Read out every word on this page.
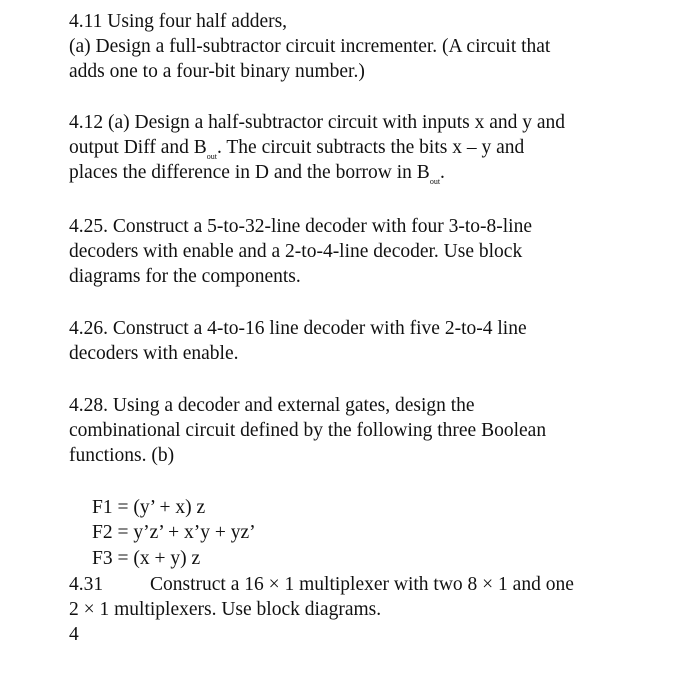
4.11 Using four half adders,
(a) Design a full-subtractor circuit incrementer. (A circuit that
adds one to a four-bit binary number.)
4.12 (a) Design a half-subtractor circuit with inputs x and y and
output Diff and $B_{out}$. The circuit subtracts the bits x – y and
places the difference in D and the borrow in $B_{out}$.
4.25. Construct a 5-to-32-line decoder with four 3-to-8-line
decoders with enable and a 2-to-4-line decoder. Use block
diagrams for the components.
4.26. Construct a 4-to-16 line decoder with five 2-to-4 line
decoders with enable.
4.28. Using a decoder and external gates, design the
combinational circuit defined by the following three Boolean
functions. (b)
F1 = (y’ + x) z
F2 = y’z’ + x’y + yz’
F3 = (x + y) z
4.31 Construct a 16 × 1 multiplexer with two 8 × 1 and one
2 × 1 multiplexers. Use block diagrams.
4
